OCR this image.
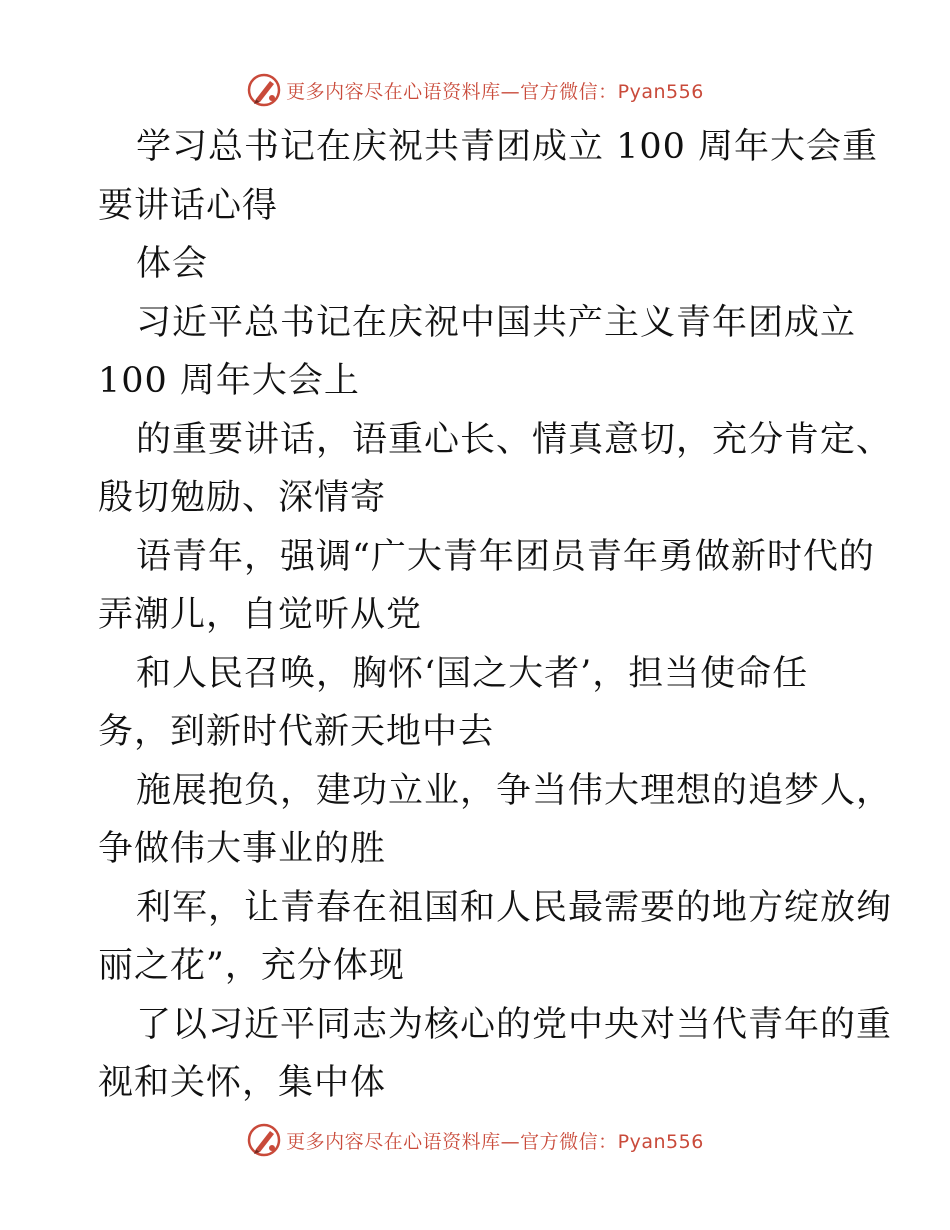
更多内容尽在心语资料库—官方微信：Pyan556
学习总书记在庆祝共青团成立 100 周年大会重
要讲话心得
体会
习近平总书记在庆祝中国共产主义青年团成立
100 周年大会上
的重要讲话，语重心长、情真意切，充分肯定、
殷切勉励、深情寄
语青年，强调“广大青年团员青年勇做新时代的
弄潮儿，自觉听从党
和人民召唤，胸怀‘国之大者’，担当使命任
务，到新时代新天地中去
施展抱负，建功立业，争当伟大理想的追梦人，
争做伟大事业的胜
利军，让青春在祖国和人民最需要的地方绽放绚
丽之花”，充分体现
了以习近平同志为核心的党中央对当代青年的重
视和关怀，集中体
更多内容尽在心语资料库—官方微信：Pyan556
